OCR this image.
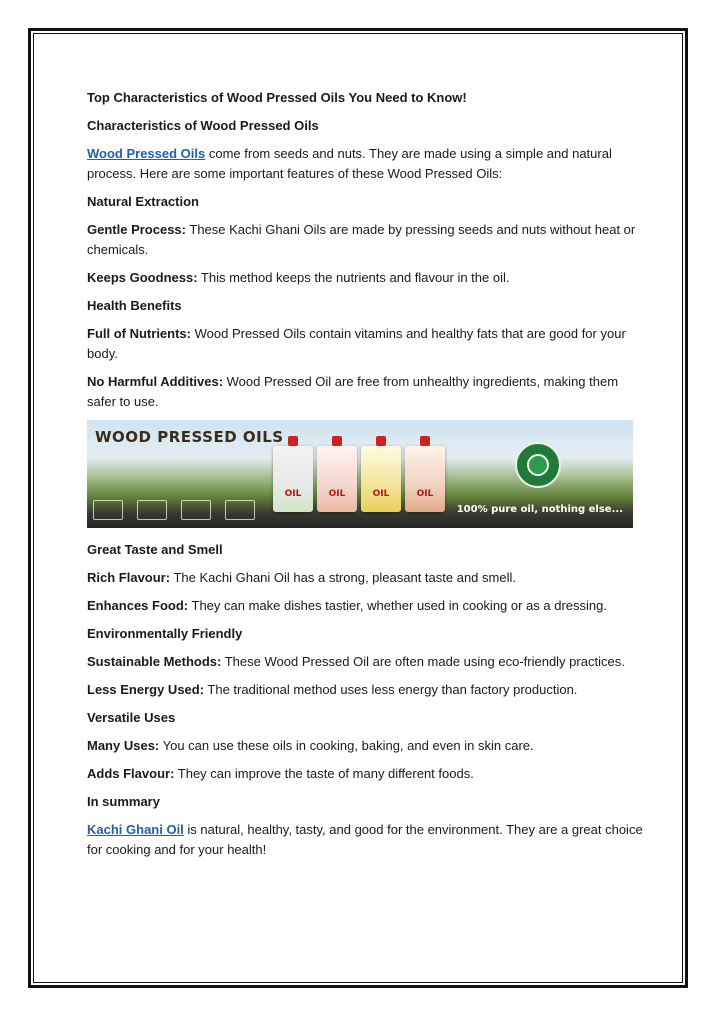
Top Characteristics of Wood Pressed Oils You Need to Know!

Characteristics of Wood Pressed Oils

Wood Pressed Oils come from seeds and nuts. They are made using a simple and natural process. Here are some important features of these Wood Pressed Oils:

Natural Extraction

Gentle Process: These Kachi Ghani Oils are made by pressing seeds and nuts without heat or chemicals.

Keeps Goodness: This method keeps the nutrients and flavour in the oil.

Health Benefits

Full of Nutrients: Wood Pressed Oils contain vitamins and healthy fats that are good for your body.

No Harmful Additives: Wood Pressed Oil are free from unhealthy ingredients, making them safer to use.

WOOD PRESSED OILS
OIL
OIL
OIL
OIL
100% pure oil, nothing else...

Great Taste and Smell

Rich Flavour: The Kachi Ghani Oil has a strong, pleasant taste and smell.

Enhances Food: They can make dishes tastier, whether used in cooking or as a dressing.

Environmentally Friendly

Sustainable Methods: These Wood Pressed Oil are often made using eco-friendly practices.

Less Energy Used: The traditional method uses less energy than factory production.

Versatile Uses

Many Uses: You can use these oils in cooking, baking, and even in skin care.

Adds Flavour: They can improve the taste of many different foods.

In summary

Kachi Ghani Oil is natural, healthy, tasty, and good for the environment. They are a great choice for cooking and for your health!
